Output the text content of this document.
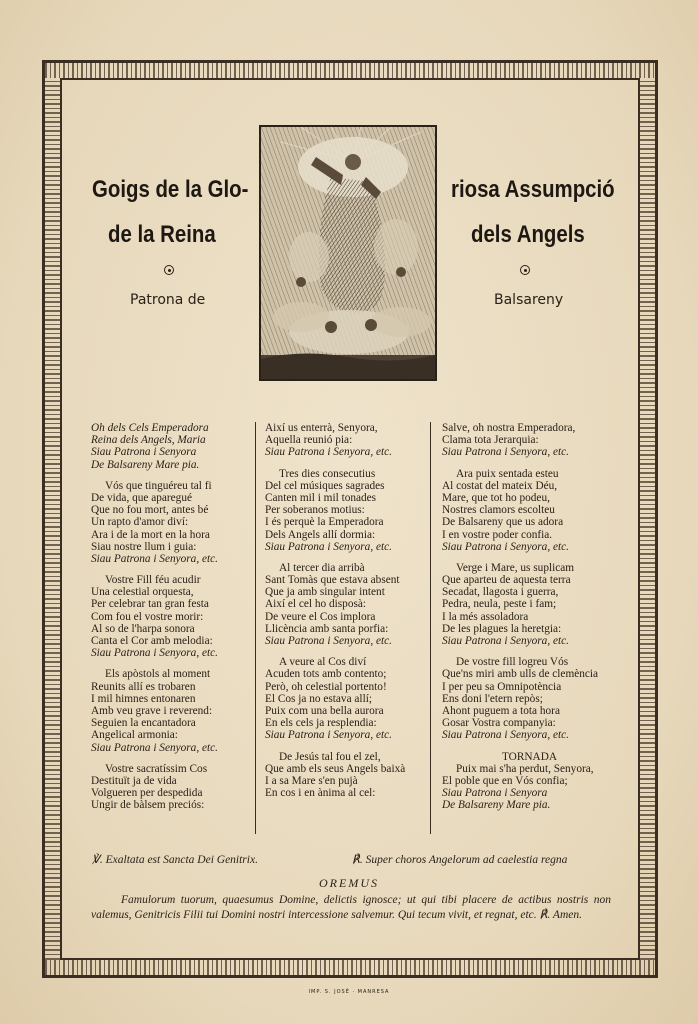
Goigs de la Glo-	riosa Assumpció
de la Reina	dels Angels
Patrona de	Balsareny
Oh dels Cels Emperadora
Reina dels Angels, Maria
Siau Patrona i Senyora
De Balsareny Mare pia.
Vós que tinguéreu tal fi
De vida, que aparegué
Que no fou mort, antes bé
Un rapto d'amor diví:
Ara i de la mort en la hora
Siau nostre llum i guia:
Siau Patrona i Senyora, etc.
Vostre Fill féu acudir
Una celestial orquesta,
Per celebrar tan gran festa
Com fou el vostre morir:
Al so de l'harpa sonora
Canta el Cor amb melodia:
Siau Patrona i Senyora, etc.
Els apòstols al moment
Reunits allí es trobaren
I mil himnes entonaren
Amb veu grave i reverend:
Seguien la encantadora
Angelical armonia:
Siau Patrona i Senyora, etc.
Vostre sacratíssim Cos
Destituït ja de vida
Volgueren per despedida
Ungir de bàlsem preciós:
Així us enterrà, Senyora,
Aquella reunió pia:
Siau Patrona i Senyora, etc.
Tres dies consecutius
Del cel músiques sagrades
Canten mil i mil tonades
Per soberanos motius:
I és perquè la Emperadora
Dels Angels allí dormia:
Siau Patrona i Senyora, etc.
Al tercer dia arribà
Sant Tomàs que estava absent
Que ja amb singular intent
Així el cel ho disposà:
De veure el Cos implora
Llicència amb santa porfia:
Siau Patrona i Senyora, etc.
A veure al Cos diví
Acuden tots amb contento;
Però, oh celestial portento!
El Cos ja no estava allí;
Puix com una bella aurora
En els cels ja resplendia:
Siau Patrona i Senyora, etc.
De Jesús tal fou el zel,
Que amb els seus Angels baixà
I a sa Mare s'en pujà
En cos i en ànima al cel:
Salve, oh nostra Emperadora,
Clama tota Jerarquia:
Siau Patrona i Senyora, etc.
Ara puix sentada esteu
Al costat del mateix Déu,
Mare, que tot ho podeu,
Nostres clamors escolteu
De Balsareny que us adora
I en vostre poder confia.
Siau Patrona i Senyora, etc.
Verge i Mare, us suplicam
Que aparteu de aquesta terra
Secadat, llagosta i guerra,
Pedra, neula, peste i fam;
I la més assoladora
De les plagues la heretgia:
Siau Patrona i Senyora, etc.
De vostre fill logreu Vós
Que'ns miri amb ulls de clemència
I per peu sa Omnipotència
Ens doni l'etern repòs;
Ahont puguem a tota hora
Gosar Vostra companyia:
Siau Patrona i Senyora, etc.
TORNADA
Puix mai s'ha perdut, Senyora,
El poble que en Vós confia;
Siau Patrona i Senyora
De Balsareny Mare pia.
℣. Exaltata est Sancta Dei Genitrix.	℟. Super choros Angelorum ad caelestia regna
OREMUS
Famulorum tuorum, quaesumus Domine, delictis ignosce; ut qui tibi placere de actibus nostris non valemus, Genitricis Filii tui Domini nostri intercessione salvemur. Qui tecum vivit, et regnat, etc. ℟. Amen.
IMP. S. JOSÉ · MANRESA
